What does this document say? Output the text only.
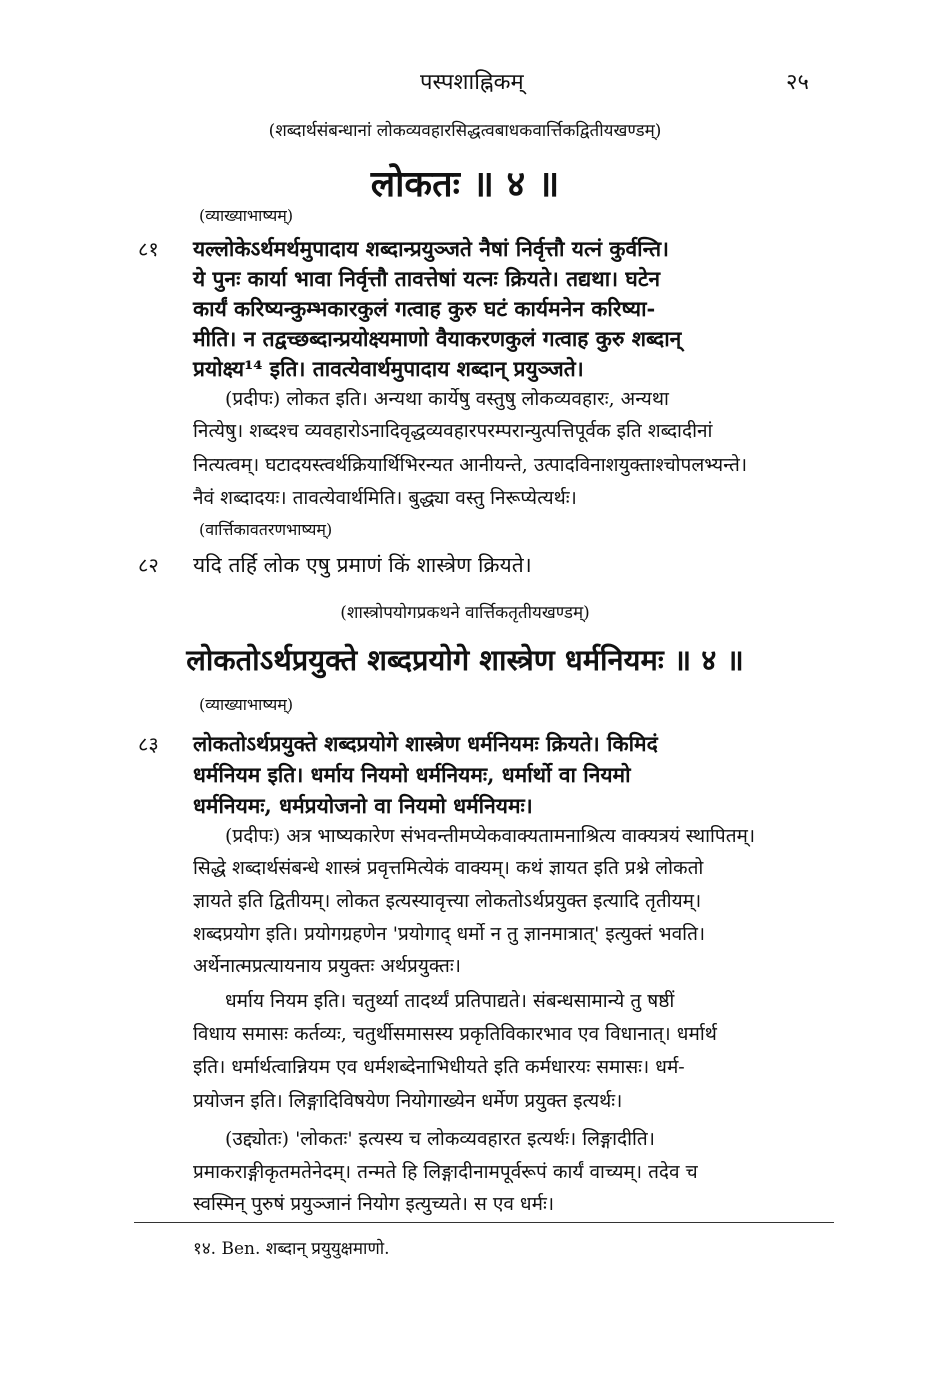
पस्पशाह्निकम्	२५
(शब्दार्थसंबन्धानां लोकव्यवहारसिद्धत्वबाधकवार्त्तिकद्वितीयखण्डम्)
लोकतः ॥ ४ ॥
(व्याख्याभाष्यम्)
८१ यल्लोकेऽर्थमर्थमुपादाय शब्दान्प्रयुञ्जते नैषां निर्वृत्तौ यत्नं कुर्वन्ति।
ये पुनः कार्या भावा निर्वृत्तौ तावत्तेषां यत्नः क्रियते। तद्यथा। घटेन
कार्यं करिष्यन्कुम्भकारकुलं गत्वाह कुरु घटं कार्यमनेन करिष्या-
मीति। न तद्वच्छब्दान्प्रयोक्ष्यमाणो वैयाकरणकुलं गत्वाह कुरु शब्दान्
प्रयोक्ष्य¹⁴ इति। तावत्येवार्थमुपादाय शब्दान् प्रयुञ्जते।
(प्रदीपः) लोकत इति। अन्यथा कार्येषु वस्तुषु लोकव्यवहारः, अन्यथा
नित्येषु। शब्दश्च व्यवहारोऽनादिवृद्धव्यवहारपरम्परान्युत्पत्तिपूर्वक इति शब्दादीनां
नित्यत्वम्। घटादयस्त्वर्थक्रियार्थिभिरन्यत आनीयन्ते, उत्पादविनाशयुक्ताश्चोपलभ्यन्ते।
नैवं शब्दादयः। तावत्येवार्थमिति। बुद्ध्या वस्तु निरूप्येत्यर्थः।
(वार्त्तिकावतरणभाष्यम्)
८२ यदि तर्हि लोक एषु प्रमाणं किं शास्त्रेण क्रियते।
(शास्त्रोपयोगप्रकथने वार्त्तिकतृतीयखण्डम्)
लोकतोऽर्थप्रयुक्ते शब्दप्रयोगे शास्त्रेण धर्मनियमः ॥ ४ ॥
(व्याख्याभाष्यम्)
८३ लोकतोऽर्थप्रयुक्ते शब्दप्रयोगे शास्त्रेण धर्मनियमः क्रियते। किमिदं
धर्मनियम इति। धर्माय नियमो धर्मनियमः, धर्मार्थो वा नियमो
धर्मनियमः, धर्मप्रयोजनो वा नियमो धर्मनियमः।
(प्रदीपः) अत्र भाष्यकारेण संभवन्तीमप्येकवाक्यतामनाश्रित्य वाक्यत्रयं स्थापितम्।
सिद्धे शब्दार्थसंबन्धे शास्त्रं प्रवृत्तमित्येकं वाक्यम्। कथं ज्ञायत इति प्रश्ने लोकतो
ज्ञायते इति द्वितीयम्। लोकत इत्यस्यावृत्त्या लोकतोऽर्थप्रयुक्त इत्यादि तृतीयम्।
शब्दप्रयोग इति। प्रयोगग्रहणेन 'प्रयोगाद् धर्मो न तु ज्ञानमात्रात्' इत्युक्तं भवति।
अर्थेनात्मप्रत्यायनाय प्रयुक्तः अर्थप्रयुक्तः।
धर्माय नियम इति। चतुर्थ्या तादर्थ्यं प्रतिपाद्यते। संबन्धसामान्ये तु षष्ठीं
विधाय समासः कर्तव्यः, चतुर्थीसमासस्य प्रकृतिविकारभाव एव विधानात्। धर्मार्थ
इति। धर्मार्थत्वान्नियम एव धर्मशब्देनाभिधीयते इति कर्मधारयः समासः। धर्म-
प्रयोजन इति। लिङ्गादिविषयेण नियोगाख्येन धर्मेण प्रयुक्त इत्यर्थः।
(उद्द्योतः) 'लोकतः' इत्यस्य च लोकव्यवहारत इत्यर्थः। लिङ्गादीति।
प्रमाकराङ्गीकृतमतेनेदम्। तन्मते हि लिङ्गादीनामपूर्वरूपं कार्यं वाच्यम्। तदेव च
स्वस्मिन् पुरुषं प्रयुञ्जानं नियोग इत्युच्यते। स एव धर्मः।
१४. Ben. शब्दान् प्रयुयुक्षमाणो.
